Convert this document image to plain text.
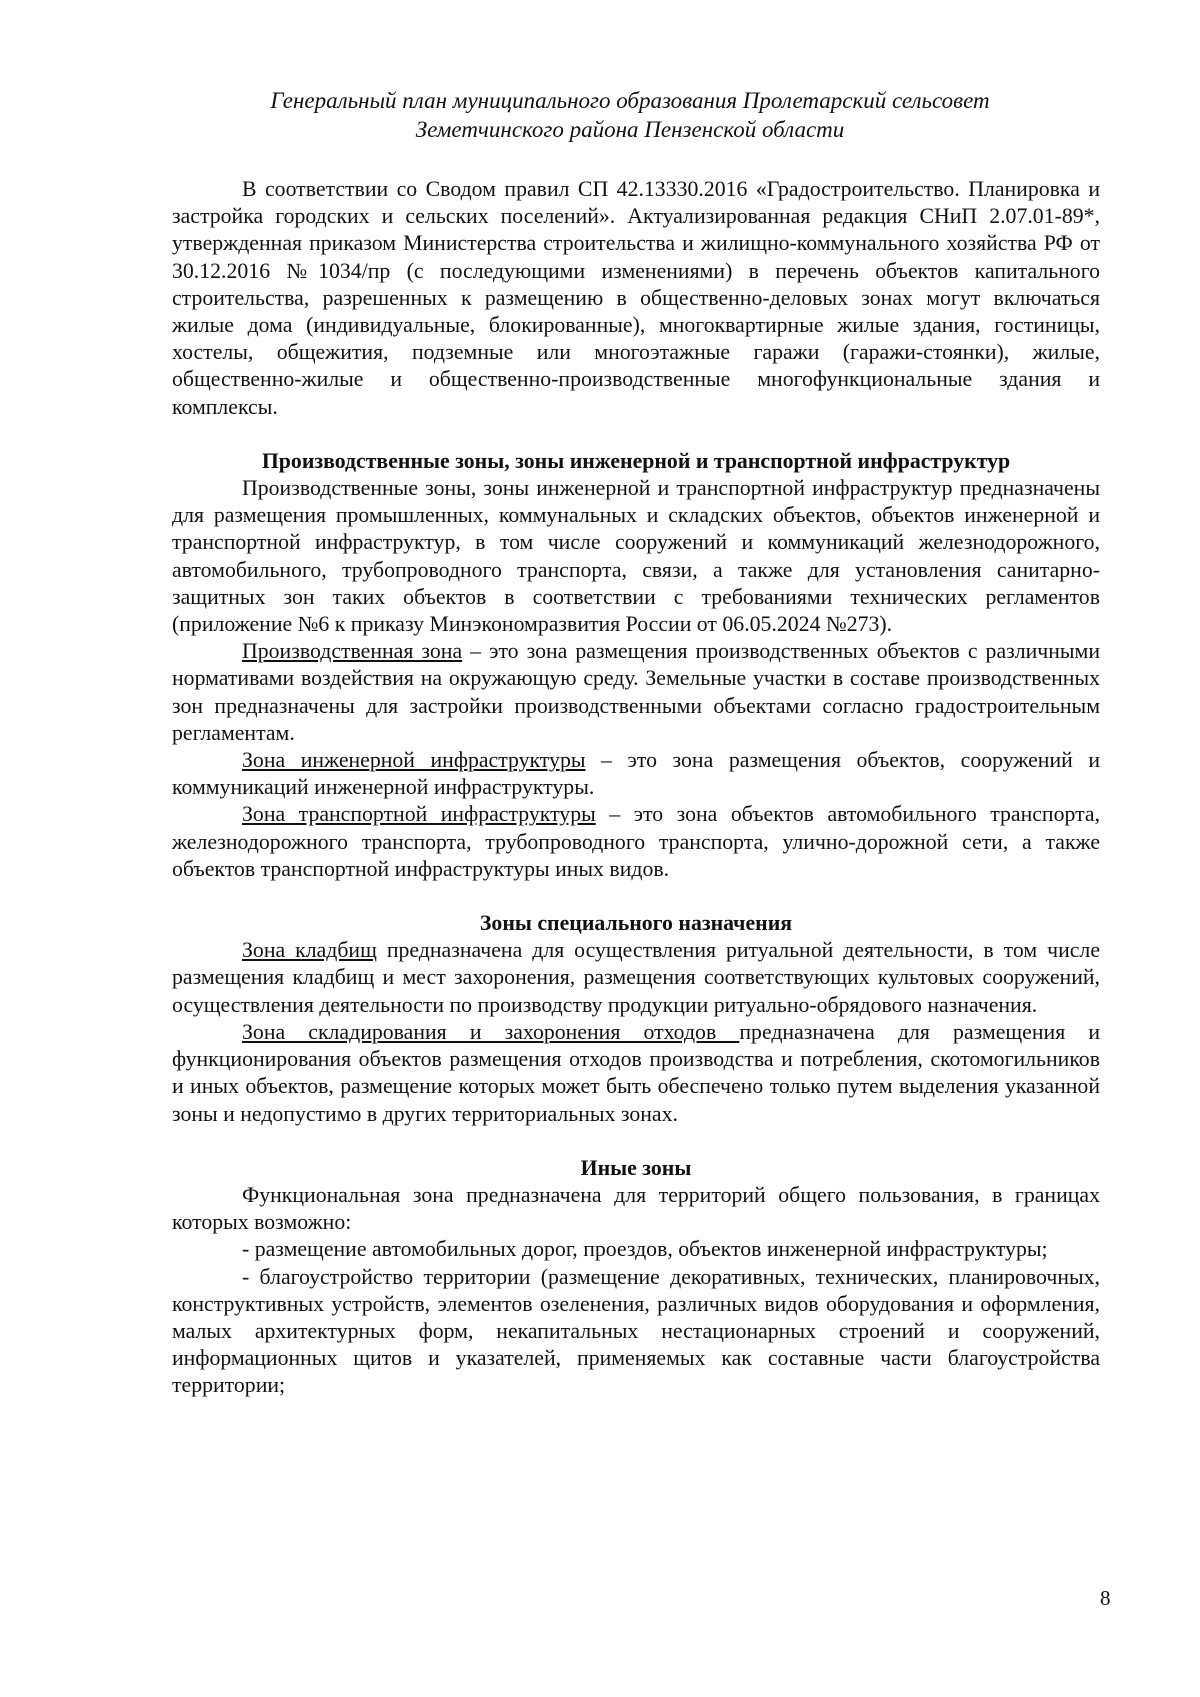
Генеральный план муниципального образования Пролетарский сельсовет
Земетчинского района Пензенской области

В соответствии со Сводом правил СП 42.13330.2016 «Градостроительство. Планировка и застройка городских и сельских поселений». Актуализированная редакция СНиП 2.07.01-89*, утвержденная приказом Министерства строительства и жилищно-коммунального хозяйства РФ от 30.12.2016 №1034/пр (с последующими изменениями) в перечень объектов капитального строительства, разрешенных к размещению в общественно-деловых зонах могут включаться жилые дома (индивидуальные, блокированные), многоквартирные жилые здания, гостиницы, хостелы, общежития, подземные или многоэтажные гаражи (гаражи-стоянки), жилые, общественно-жилые и общественно-производственные многофункциональные здания и комплексы.

Производственные зоны, зоны инженерной и транспортной инфраструктур

Производственные зоны, зоны инженерной и транспортной инфраструктур предназначены для размещения промышленных, коммунальных и складских объектов, объектов инженерной и транспортной инфраструктур, в том числе сооружений и коммуникаций железнодорожного, автомобильного, трубопроводного транспорта, связи, а также для установления санитарно-защитных зон таких объектов в соответствии с требованиями технических регламентов (приложение №6 к приказу Минэкономразвития России от 06.05.2024 №273).

Производственная зона – это зона размещения производственных объектов с различными нормативами воздействия на окружающую среду. Земельные участки в составе производственных зон предназначены для застройки производственными объектами согласно градостроительным регламентам.

Зона инженерной инфраструктуры – это зона размещения объектов, сооружений и коммуникаций инженерной инфраструктуры.

Зона транспортной инфраструктуры – это зона объектов автомобильного транспорта, железнодорожного транспорта, трубопроводного транспорта, улично-дорожной сети, а также объектов транспортной инфраструктуры иных видов.

Зоны специального назначения

Зона кладбищ предназначена для осуществления ритуальной деятельности, в том числе размещения кладбищ и мест захоронения, размещения соответствующих культовых сооружений, осуществления деятельности по производству продукции ритуально-обрядового назначения.

Зона складирования и захоронения отходов предназначена для размещения и функционирования объектов размещения отходов производства и потребления, скотомогильников и иных объектов, размещение которых может быть обеспечено только путем выделения указанной зоны и недопустимо в других территориальных зонах.

Иные зоны

Функциональная зона предназначена для территорий общего пользования, в границах которых возможно:

- размещение автомобильных дорог, проездов, объектов инженерной инфраструктуры;

- благоустройство территории (размещение декоративных, технических, планировочных, конструктивных устройств, элементов озеленения, различных видов оборудования и оформления, малых архитектурных форм, некапитальных нестационарных строений и сооружений, информационных щитов и указателей, применяемых как составные части благоустройства территории;

8
